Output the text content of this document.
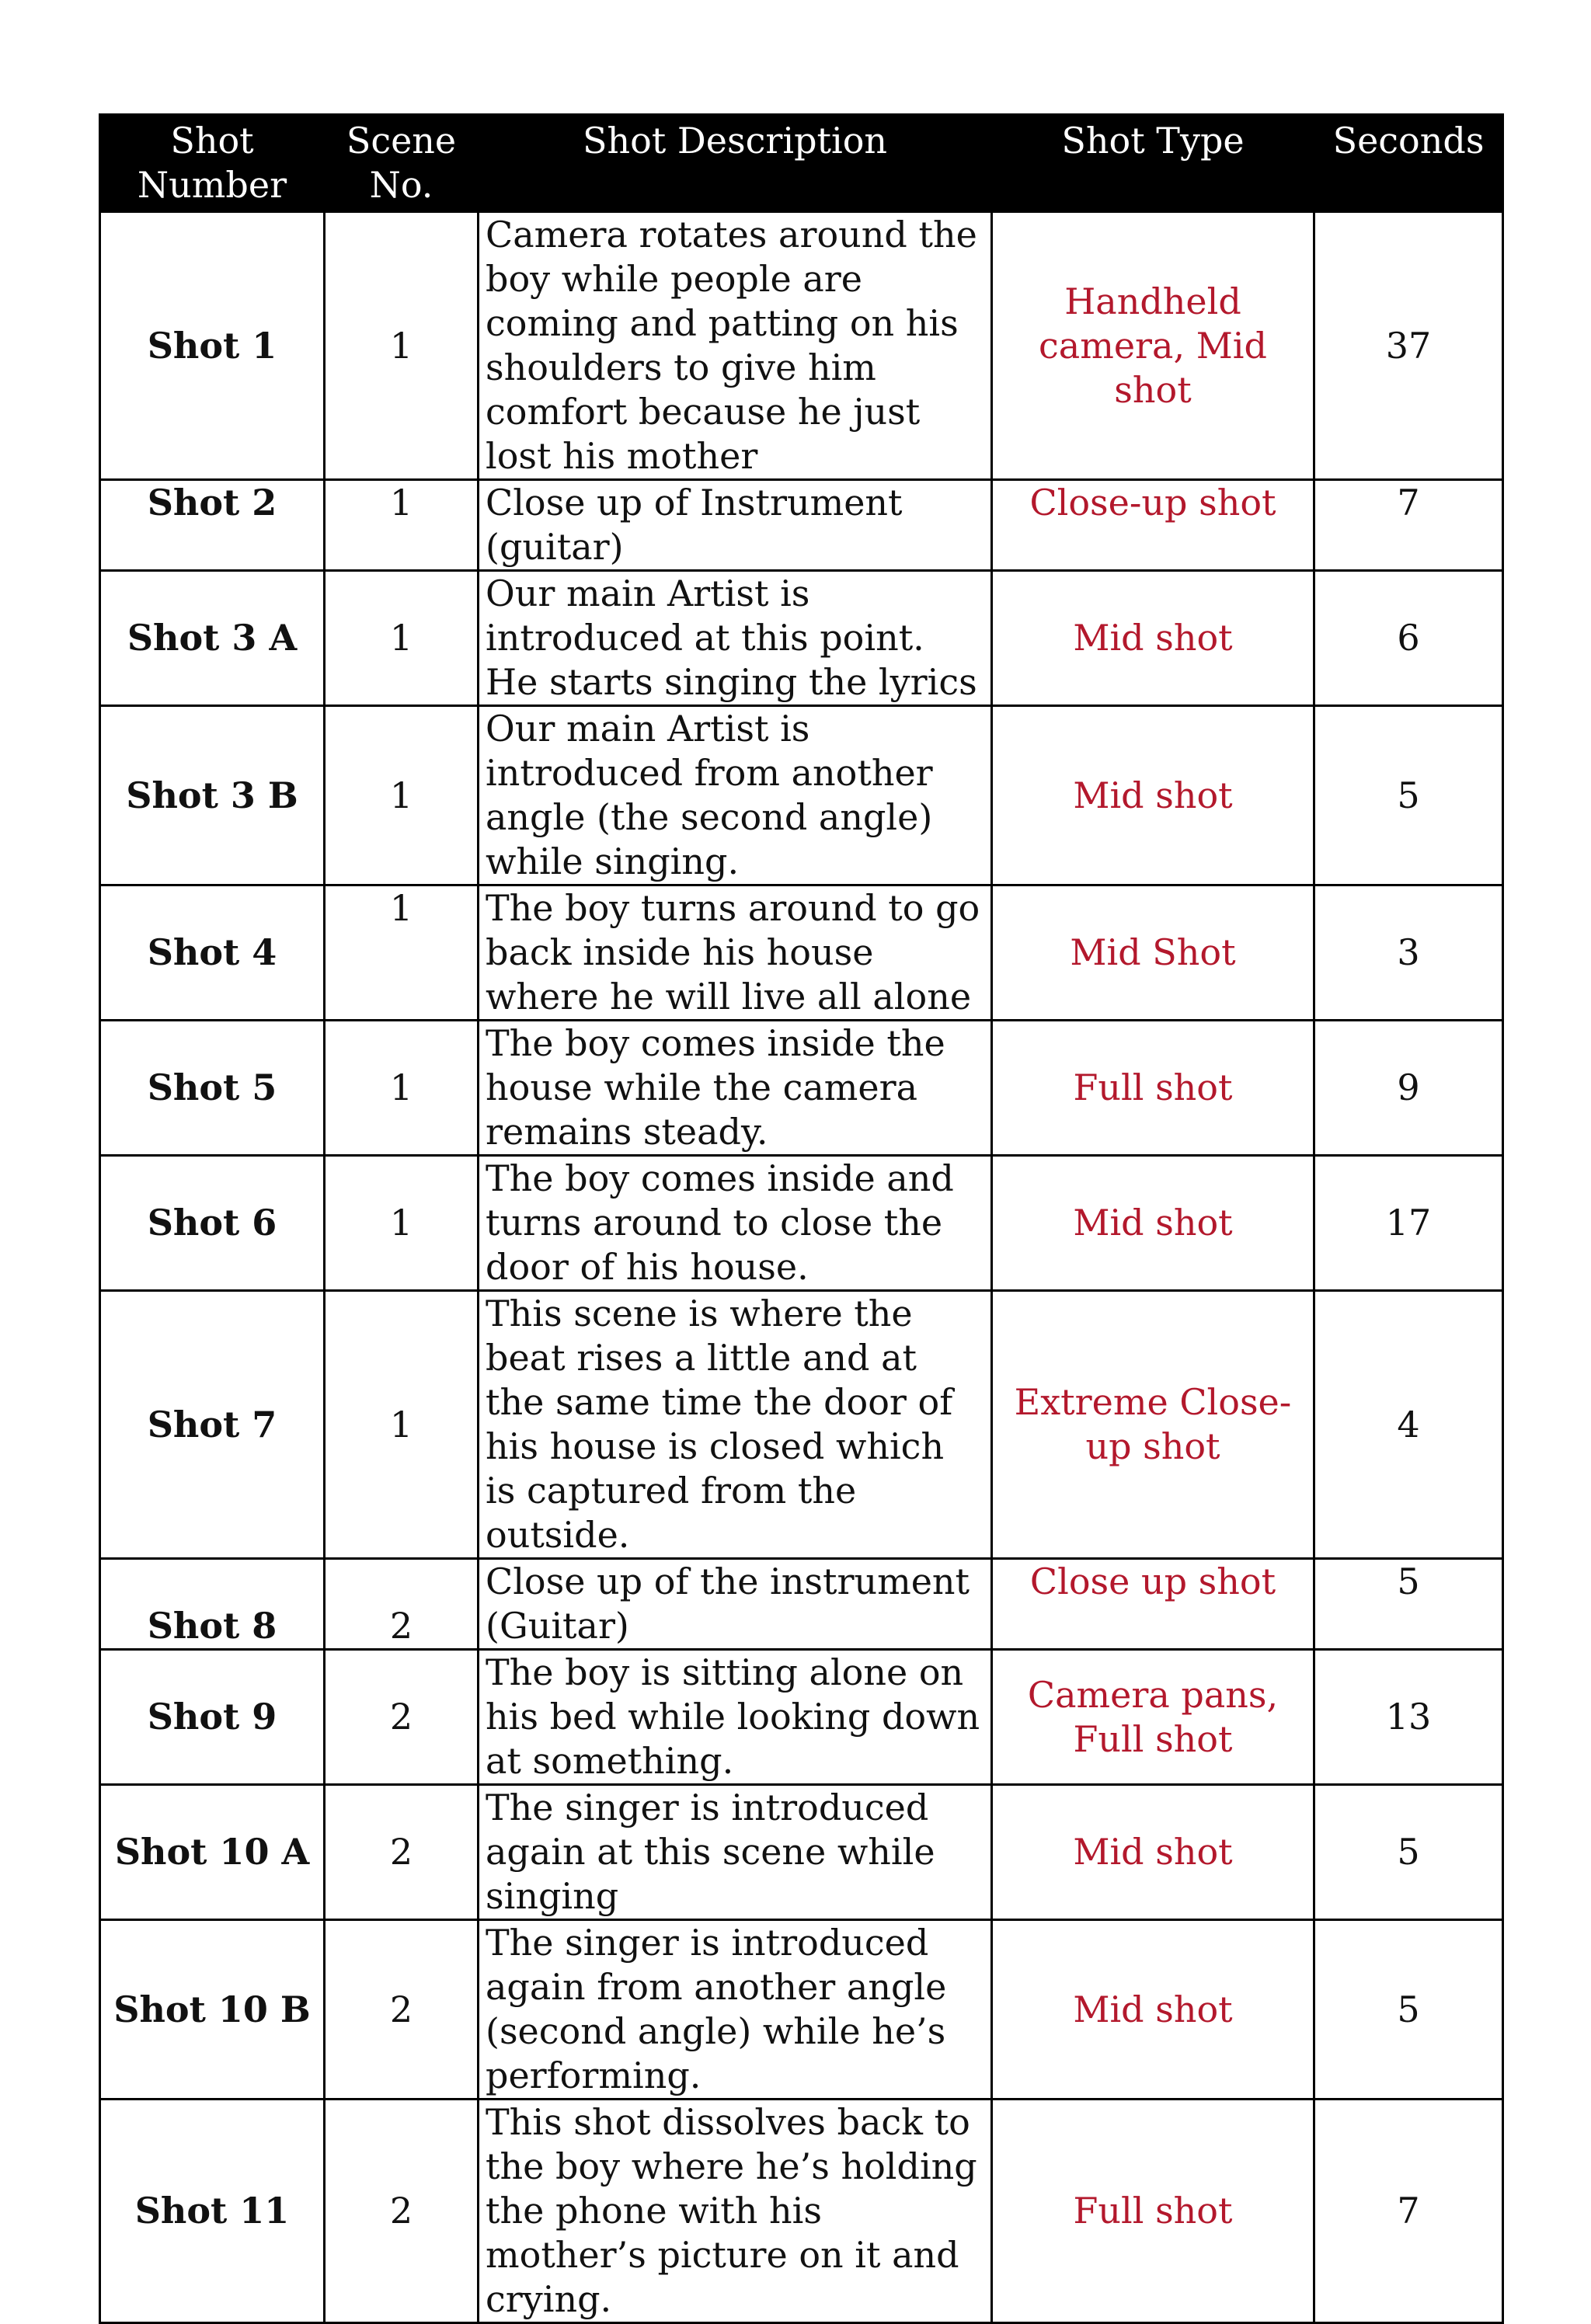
Shot Number	Scene No.	Shot Description	Shot Type	Seconds
Shot 1	1	Camera rotates around the boy while people are coming and patting on his shoulders to give him comfort because he just lost his mother	Handheld camera, Mid shot	37
Shot 2	1	Close up of Instrument (guitar)	Close-up shot	7
Shot 3 A	1	Our main Artist is introduced at this point. He starts singing the lyrics	Mid shot	6
Shot 3 B	1	Our main Artist is introduced from another angle (the second angle) while singing.	Mid shot	5
Shot 4	1	The boy turns around to go back inside his house where he will live all alone	Mid Shot	3
Shot 5	1	The boy comes inside the house while the camera remains steady.	Full shot	9
Shot 6	1	The boy comes inside and turns around to close the door of his house.	Mid shot	17
Shot 7	1	This scene is where the beat rises a little and at the same time the door of his house is closed which is captured from the outside.	Extreme Close-up shot	4
Shot 8	2	Close up of the instrument (Guitar)	Close up shot	5
Shot 9	2	The boy is sitting alone on his bed while looking down at something.	Camera pans, Full shot	13
Shot 10 A	2	The singer is introduced again at this scene while singing	Mid shot	5
Shot 10 B	2	The singer is introduced again from another angle (second angle) while he’s performing.	Mid shot	5
Shot 11	2	This shot dissolves back to the boy where he’s holding the phone with his mother’s picture on it and crying.	Full shot	7
